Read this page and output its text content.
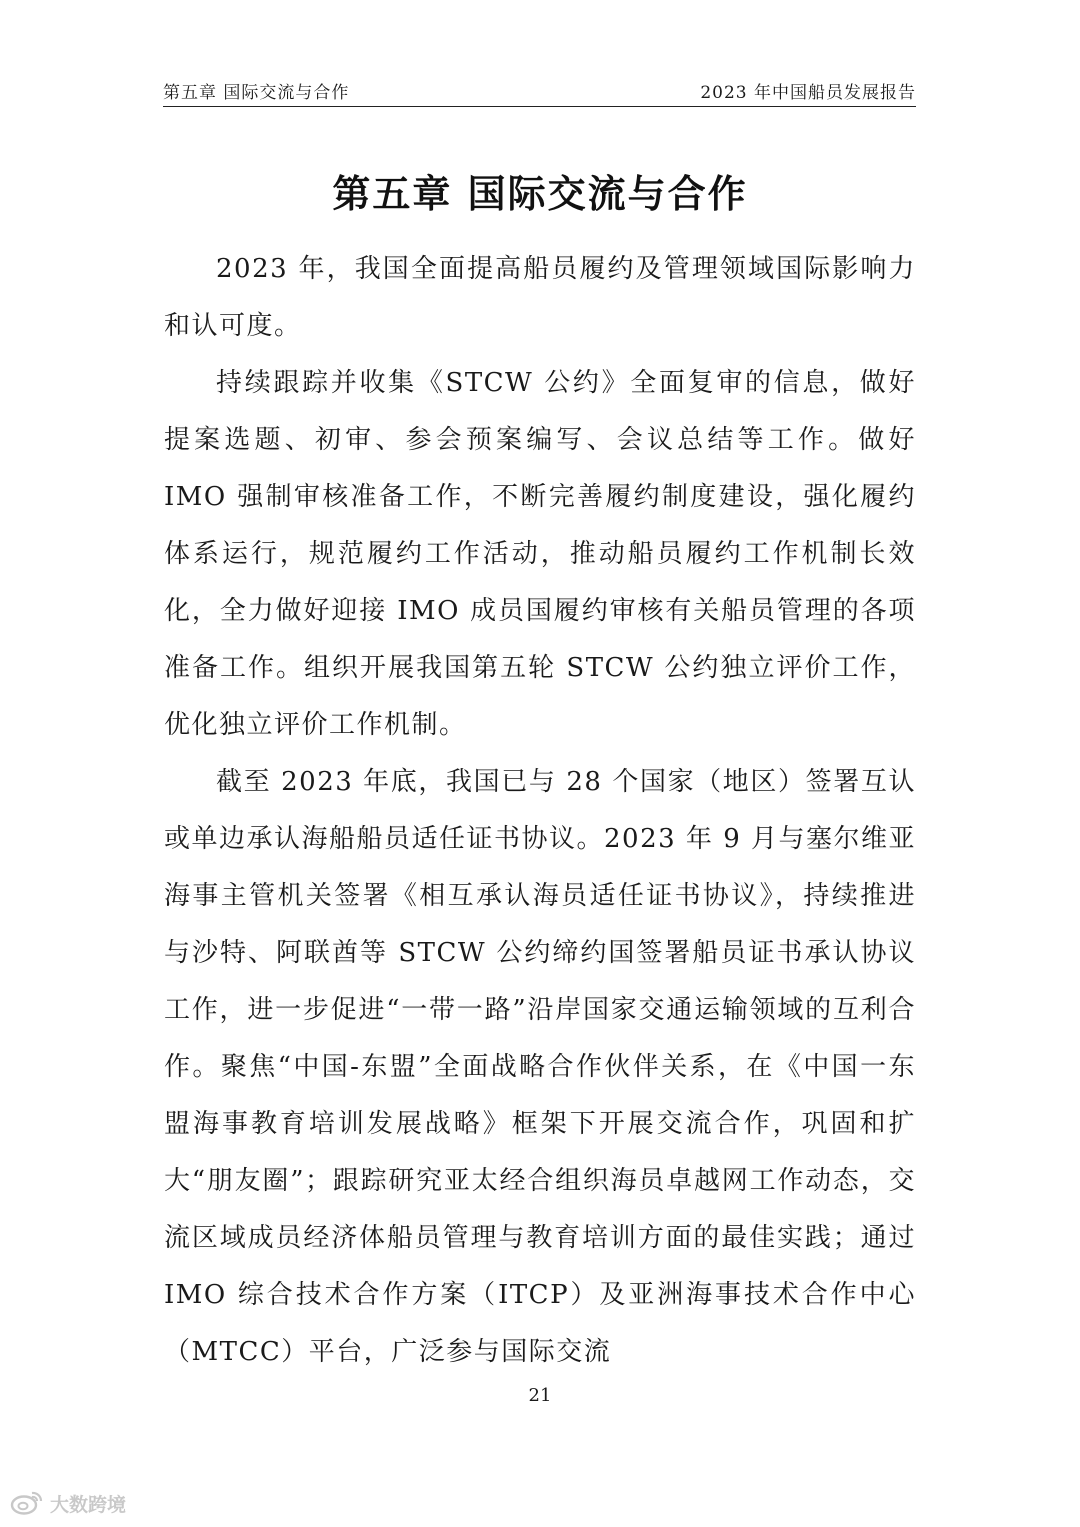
第五章 国际交流与合作	2023 年中国船员发展报告
第五章 国际交流与合作

2023 年，我国全面提高船员履约及管理领域国际影响力和认可度。

持续跟踪并收集《STCW 公约》全面复审的信息，做好提案选题、初审、参会预案编写、会议总结等工作。做好 IMO 强制审核准备工作，不断完善履约制度建设，强化履约体系运行，规范履约工作活动，推动船员履约工作机制长效化，全力做好迎接 IMO 成员国履约审核有关船员管理的各项准备工作。组织开展我国第五轮 STCW 公约独立评价工作，优化独立评价工作机制。

截至 2023 年底，我国已与 28 个国家（地区）签署互认或单边承认海船船员适任证书协议。2023 年 9 月与塞尔维亚海事主管机关签署《相互承认海员适任证书协议》，持续推进与沙特、阿联酋等 STCW 公约缔约国签署船员证书承认协议工作，进一步促进“一带一路”沿岸国家交通运输领域的互利合作。聚焦“中国-东盟”全面战略合作伙伴关系，在《中国一东盟海事教育培训发展战略》框架下开展交流合作，巩固和扩大“朋友圈”；跟踪研究亚太经合组织海员卓越网工作动态，交流区域成员经济体船员管理与教育培训方面的最佳实践；通过 IMO 综合技术合作方案（ITCP）及亚洲海事技术合作中心（MTCC）平台，广泛参与国际交流

21
大数跨境
